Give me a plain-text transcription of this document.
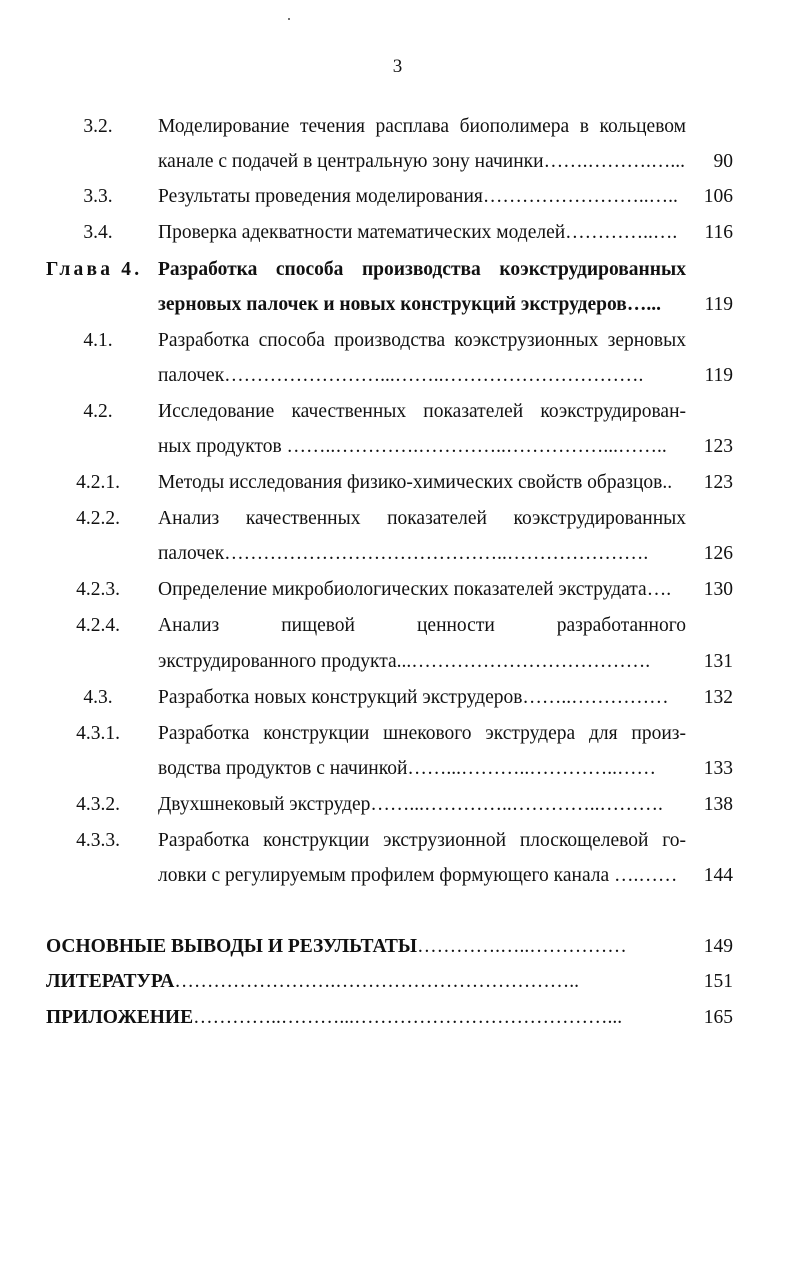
3
3.2.	Моделирование течения расплава биополимера в кольцевом
канале с подачей в центральную зону начинки…….……….…...	90
3.3.	Результаты проведения моделирования……………………..…..	106
3.4.	Проверка адекватности математических моделей…………..….	116
Глава 4. Разработка способа производства коэкструдированных
зерновых палочек и новых конструкций экструдеров…...	119
4.1.	Разработка способа производства коэкструзионных зерновых
палочек……………………...……..………………………….	119
4.2.	Исследование качественных показателей коэкструдирован-
ных продуктов ……..………….…………..……………...……..	123
4.2.1.	Методы исследования физико-химических свойств образцов..	123
4.2.2.	Анализ качественных показателей коэкструдированных
палочек……………………………………..………………….	126
4.2.3.	Определение микробиологических показателей экструдата….	130
4.2.4.	Анализ пищевой ценности разработанного
экструдированного продукта...……………………………….	131
4.3.	Разработка новых конструкций экструдеров……..……………	132
4.3.1.	Разработка конструкции шнекового экструдера для произ-
водства продуктов с начинкой……...………..…………..……	133
4.3.2.	Двухшнековый экструдер……...…………..…………..……….	138
4.3.3.	Разработка конструкции экструзионной плоскощелевой го-
ловки с регулируемым профилем формующего канала ….……	144
ОСНОВНЫЕ ВЫВОДЫ И РЕЗУЛЬТАТЫ………….…..……………	149
ЛИТЕРАТУРА…………………….………………………………..	151
ПРИЛОЖЕНИЕ…………..………...…………………………………...	165
